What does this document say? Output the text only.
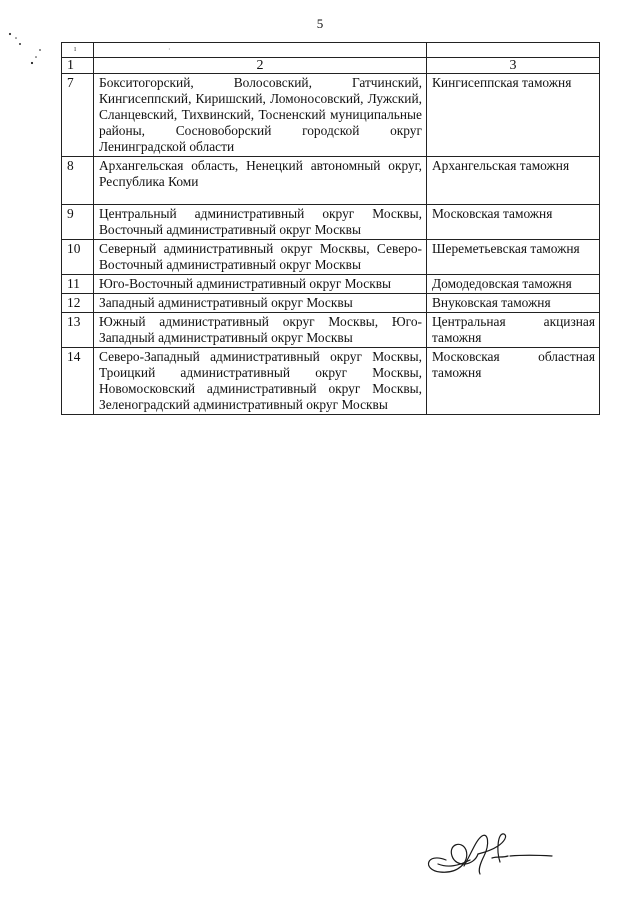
5
ı	·	

1	2	3
7	Бокситогорский, Волосовский, Гатчинский, Кингисеппский, Киришский, Ломоносовский, Лужский, Сланцевский, Тихвинский, Тосненский муниципальные районы, Сосновоборский городской округ Ленинградской области	Кингисеппская таможня
8	Архангельская область, Ненецкий автономный округ, Республика Коми	Архангельская таможня
9	Центральный административный округ Москвы, Восточный административный округ Москвы	Московская таможня
10	Северный административный округ Москвы, Северо-Восточный административный округ Москвы	Шереметьевская таможня
11	Юго-Восточный административный округ Москвы	Домодедовская таможня
12	Западный административный округ Москвы	Внуковская таможня
13	Южный административный округ Москвы, Юго-Западный административный округ Москвы	Центральная акцизная таможня
14	Северо-Западный административный округ Москвы, Троицкий административный округ Москвы, Новомосковский административный округ Москвы, Зеленоградский административный округ Москвы	Московская областная таможня
